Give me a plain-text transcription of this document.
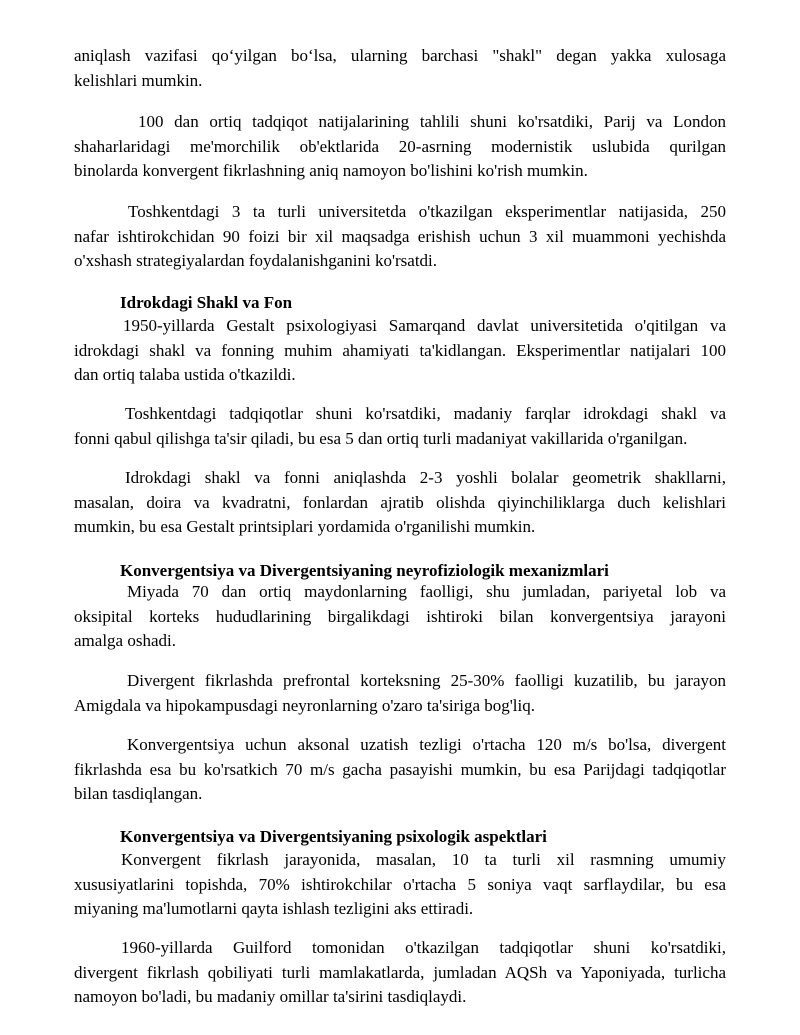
Idrokdagi Shakl va Fon

Konvergentsiya va Divergentsiyaning neyrofiziologik mexanizmlari

Konvergentsiya va Divergentsiyaning psixologik aspektlari

aniqlash vazifasi qo‘yilgan bo‘lsa, ularning barchasi "shakl" degan yakka xulosaga
kelishlari mumkin.
100 dan ortiq tadqiqot natijalarining tahlili shuni ko'rsatdiki, Parij va London
shaharlaridagi me'morchilik ob'ektlarida 20-asrning modernistik uslubida qurilgan
binolarda konvergent fikrlashning aniq namoyon bo'lishini ko'rish mumkin.
Toshkentdagi 3 ta turli universitetda o'tkazilgan eksperimentlar natijasida, 250
nafar ishtirokchidan 90 foizi bir xil maqsadga erishish uchun 3 xil muammoni yechishda
o'xshash strategiyalardan foydalanishganini ko'rsatdi.
1950-yillarda Gestalt psixologiyasi Samarqand davlat universitetida o'qitilgan va
idrokdagi shakl va fonning muhim ahamiyati ta'kidlangan. Eksperimentlar natijalari 100
dan ortiq talaba ustida o'tkazildi.
Toshkentdagi tadqiqotlar shuni ko'rsatdiki, madaniy farqlar idrokdagi shakl va
fonni qabul qilishga ta'sir qiladi, bu esa 5 dan ortiq turli madaniyat vakillarida o'rganilgan.
Idrokdagi shakl va fonni aniqlashda 2-3 yoshli bolalar geometrik shakllarni,
masalan, doira va kvadratni, fonlardan ajratib olishda qiyinchiliklarga duch kelishlari
mumkin, bu esa Gestalt printsiplari yordamida o'rganilishi mumkin.
Miyada 70 dan ortiq maydonlarning faolligi, shu jumladan, pariyetal lob va
oksipital korteks hududlarining birgalikdagi ishtiroki bilan konvergentsiya jarayoni
amalga oshadi.
Divergent fikrlashda prefrontal korteksning 25-30% faolligi kuzatilib, bu jarayon
Amigdala va hipokampusdagi neyronlarning o'zaro ta'siriga bog'liq.
Konvergentsiya uchun aksonal uzatish tezligi o'rtacha 120 m/s bo'lsa, divergent
fikrlashda esa bu ko'rsatkich 70 m/s gacha pasayishi mumkin, bu esa Parijdagi tadqiqotlar
bilan tasdiqlangan.
Konvergent fikrlash jarayonida, masalan, 10 ta turli xil rasmning umumiy
xususiyatlarini topishda, 70% ishtirokchilar o'rtacha 5 soniya vaqt sarflaydilar, bu esa
miyaning ma'lumotlarni qayta ishlash tezligini aks ettiradi.
1960-yillarda Guilford tomonidan o'tkazilgan tadqiqotlar shuni ko'rsatdiki,
divergent fikrlash qobiliyati turli mamlakatlarda, jumladan AQSh va Yaponiyada, turlicha
namoyon bo'ladi, bu madaniy omillar ta'sirini tasdiqlaydi.
